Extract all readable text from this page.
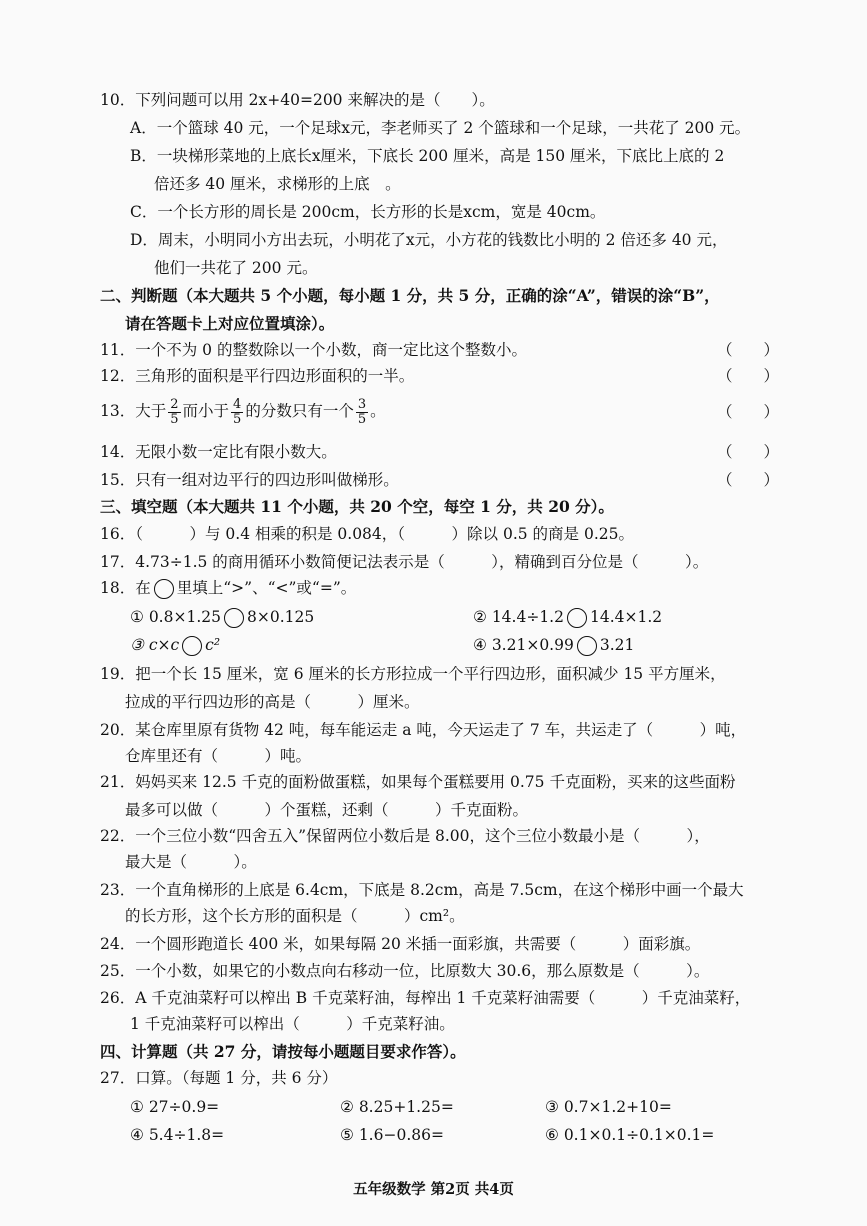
10．下列问题可以用 2x+40=200 来解决的是（　　）。
A．一个篮球 40 元，一个足球x元，李老师买了 2 个篮球和一个足球，一共花了 200 元。
B．一块梯形菜地的上底长x厘米，下底长 200 厘米，高是 150 厘米，下底比上底的 2
倍还多 40 厘米，求梯形的上底　。
C．一个长方形的周长是 200cm，长方形的长是xcm，宽是 40cm。
D．周末，小明同小方出去玩，小明花了x元，小方花的钱数比小明的 2 倍还多 40 元，
他们一共花了 200 元。
二、判断题（本大题共 5 个小题，每小题 1 分，共 5 分，正确的涂“A”，错误的涂“B”，
请在答题卡上对应位置填涂）。
11．一个不为 0 的整数除以一个小数，商一定比这个整数小。	（　　）
12．三角形的面积是平行四边形面积的一半。	（　　）
13．大于 $\frac{2}{5}$ 而小于 $\frac{4}{5}$ 的分数只有一个 $\frac{3}{5}$ 。	（　　）
14．无限小数一定比有限小数大。	（　　）
15．只有一组对边平行的四边形叫做梯形。	（　　）
三、填空题（本大题共 11 个小题，共 20 个空，每空 1 分，共 20 分）。
16．（　　　）与 0.4 相乘的积是 0.084，（　　　）除以 0.5 的商是 0.25。
17．4.73÷1.5 的商用循环小数简便记法表示是（　　　），精确到百分位是（　　　）。
18．在 里填上“>”、“<”或“=”。
① 0.8×1.25 8×0.125	② 14.4÷1.2 14.4×1.2
③ c×c c²	④ 3.21×0.99 3.21
19．把一个长 15 厘米，宽 6 厘米的长方形拉成一个平行四边形，面积减少 15 平方厘米，
拉成的平行四边形的高是（　　　）厘米。
20．某仓库里原有货物 42 吨，每车能运走 a 吨，今天运走了 7 车，共运走了（　　　）吨，
仓库里还有（　　　）吨。
21．妈妈买来 12.5 千克的面粉做蛋糕，如果每个蛋糕要用 0.75 千克面粉，买来的这些面粉
最多可以做（　　　）个蛋糕，还剩（　　　）千克面粉。
22．一个三位小数“四舍五入”保留两位小数后是 8.00，这个三位小数最小是（　　　），
最大是（　　　）。
23．一个直角梯形的上底是 6.4cm，下底是 8.2cm，高是 7.5cm，在这个梯形中画一个最大
的长方形，这个长方形的面积是（　　　）cm²。
24．一个圆形跑道长 400 米，如果每隔 20 米插一面彩旗，共需要（　　　）面彩旗。
25．一个小数，如果它的小数点向右移动一位，比原数大 30.6，那么原数是（　　　）。
26．A 千克油菜籽可以榨出 B 千克菜籽油，每榨出 1 千克菜籽油需要（　　　）千克油菜籽，
1 千克油菜籽可以榨出（　　　）千克菜籽油。
四、计算题（共 27 分，请按每小题题目要求作答）。
27．口算。（每题 1 分，共 6 分）
① 27÷0.9=	② 8.25+1.25=	③ 0.7×1.2+10=
④ 5.4÷1.8=	⑤ 1.6−0.86=	⑥ 0.1×0.1÷0.1×0.1=
五年级数学 第2页 共4页
